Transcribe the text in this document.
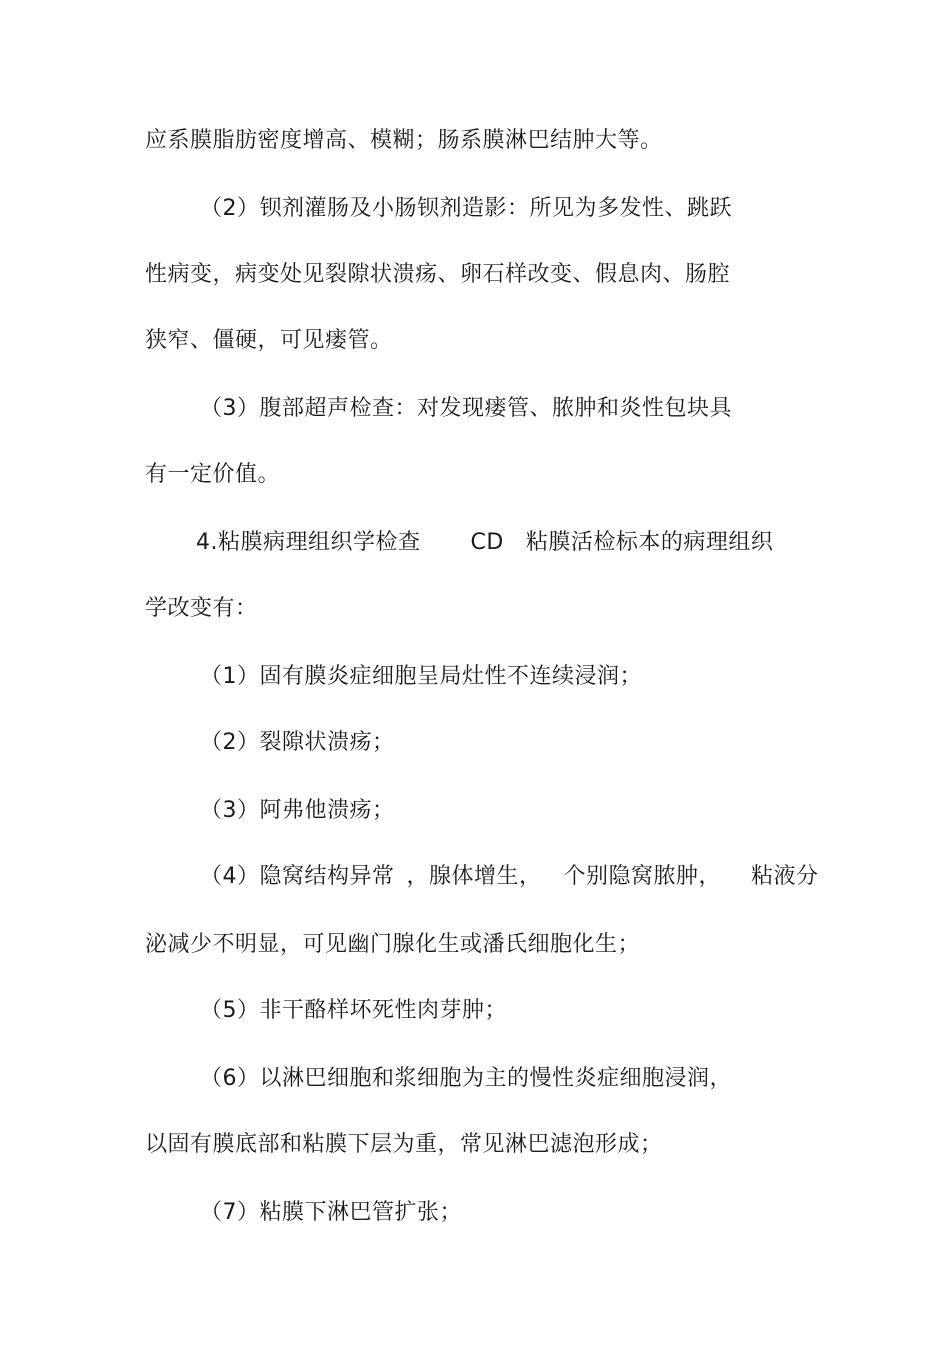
应系膜脂肪密度增高、模糊；肠系膜淋巴结肿大等。
（2）钡剂灌肠及小肠钡剂造影：所见为多发性、跳跃
性病变，病变处见裂隙状溃疡、卵石样改变、假息肉、肠腔
狭窄、僵硬，可见瘘管。
（3）腹部超声检查：对发现瘘管、脓肿和炎性包块具
有一定价值。
4.粘膜病理组织学检查 CD 粘膜活检标本的病理组织
学改变有：
（1）固有膜炎症细胞呈局灶性不连续浸润；
（2）裂隙状溃疡；
（3）阿弗他溃疡；
（4）隐窝结构异常 ，腺体增生， 个别隐窝脓肿， 粘液分
泌减少不明显，可见幽门腺化生或潘氏细胞化生；
（5）非干酪样坏死性肉芽肿；
（6）以淋巴细胞和浆细胞为主的慢性炎症细胞浸润，
以固有膜底部和粘膜下层为重，常见淋巴滤泡形成；
（7）粘膜下淋巴管扩张；
